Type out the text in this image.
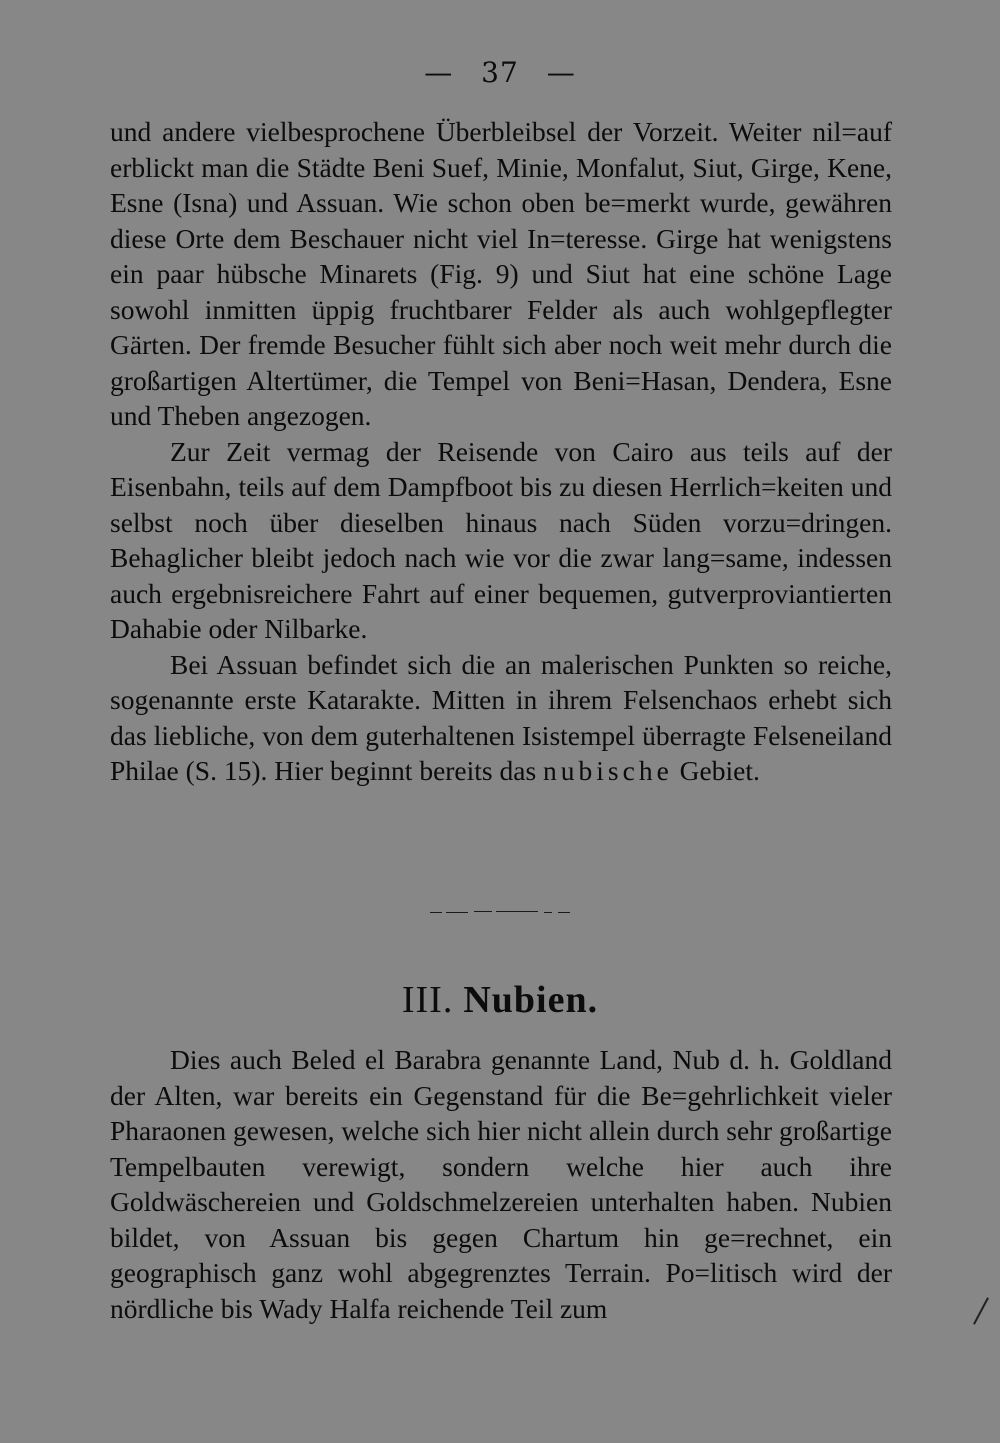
— 37 —

und andere vielbesprochene Überbleibsel der Vorzeit. Weiter nil=auf erblickt man die Städte Beni Suef, Minie, Monfalut, Siut, Girge, Kene, Esne (Isna) und Assuan. Wie schon oben be=merkt wurde, gewähren diese Orte dem Beschauer nicht viel In=teresse. Girge hat wenigstens ein paar hübsche Minarets (Fig. 9) und Siut hat eine schöne Lage sowohl inmitten üppig fruchtbarer Felder als auch wohlgepflegter Gärten. Der fremde Besucher fühlt sich aber noch weit mehr durch die großartigen Altertümer, die Tempel von Beni=Hasan, Dendera, Esne und Theben angezogen.

Zur Zeit vermag der Reisende von Cairo aus teils auf der Eisenbahn, teils auf dem Dampfboot bis zu diesen Herrlich=keiten und selbst noch über dieselben hinaus nach Süden vorzu=dringen. Behaglicher bleibt jedoch nach wie vor die zwar lang=same, indessen auch ergebnisreichere Fahrt auf einer bequemen, gutverproviantierten Dahabie oder Nilbarke.

Bei Assuan befindet sich die an malerischen Punkten so reiche, sogenannte erste Katarakte. Mitten in ihrem Felsenchaos erhebt sich das liebliche, von dem guterhaltenen Isistempel überragte Felseneiland Philae (S. 15). Hier beginnt bereits das nubische Gebiet.

III. Nubien.

Dies auch Beled el Barabra genannte Land, Nub d. h. Goldland der Alten, war bereits ein Gegenstand für die Be=gehrlichkeit vieler Pharaonen gewesen, welche sich hier nicht allein durch sehr großartige Tempelbauten verewigt, sondern welche hier auch ihre Goldwäschereien und Goldschmelzereien unterhalten haben. Nubien bildet, von Assuan bis gegen Chartum hin ge=rechnet, ein geographisch ganz wohl abgegrenztes Terrain. Po=litisch wird der nördliche bis Wady Halfa reichende Teil zum
